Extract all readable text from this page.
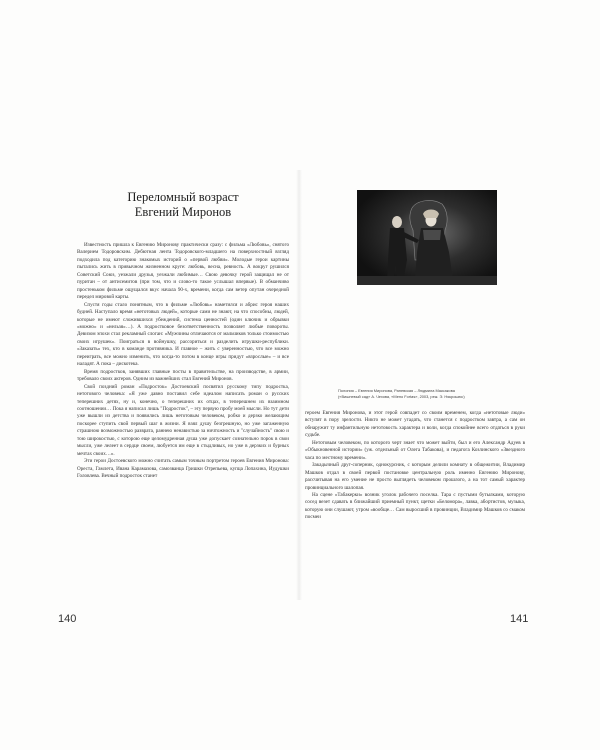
Переломный возраст
Евгений Миронов

Известность пришла к Евгению Миронову практически сразу: с фильма «Любовь», снятого Валерием Тодоровским. Дебютная лента Тодоровского-младшего на поверхностный взгляд подходила под категорию знакомых историй о «первой любви». Молодые герои картины пытались жить в привычном жизненном круге: любовь, весна, ревность. А вокруг рушился Советский Союз, уезжали друзья, уезжали любимые… Свою девочку герой защищал не от пуритан – от антисемитов (при том, что и слово-то такое услышал впервые). В обманчиво простеньком фильме ощущался вкус начала 90-х, времени, когда сам ветер опутан очередной передел мировой карты.

Спустя годы стало понятным, что в фильме «Любовь» наметился и абрис героя наших будней. Наступало время «нетотовых людей», которые сами не знают, на что способны, людей, которые не имеют сложившихся убеждений, система ценностей (один ключик и обрывки «можно» и «нельзя»…). А подростковое безответственность позволяет любые повороты. Девизом эпохи стал рекламный слоган: «Мужчины отличаются от мальчиков только стоимостью своих игрушек». Поиграться в войнушку, рассориться и разделить игрушки-республики. «Заказать» тех, кто в команде противника. И главное – жить с уверенностью, что все можно переиграть, все можно изменить, что когда-то потом в конце игры придут «взрослые» – и все наладят. А пока – дискотека.

Время подростков, занявших главные посты в правительстве, на производстве, в армии, требовало своих актеров. Одним из важнейших стал Евгений Миронов.

Свой поздний роман «Подросток» Достоевский посвятил русскому типу подростка, нетотового человека: «Я уже давно поставил себе идеалом написать роман о русских теперешних детях, ну и, конечно, о теперешних их отцах, в теперешнем их взаимном соотношении… Пока я написал лишь "Подросток", – эту первую пробу моей мысли. Но тут дети уже вышли из детства и появились лишь нетотовым человеком, робко и дерзко желающим поскорее ступить свой первый шаг в жизни. Я взял душу безгрешную, но уже загаженную страшною возможностью разврата, раннею ненавистью за ничтожность и "случайность" свою и тою широкостью, с которою еще целомудренная душа уже допускает сознательно порок в свои мысли, уже лелеет в сердце своем, любуется им еще в стыдливых, но уже в дерзких и бурных мечтах своих…».

Эти герои Достоевского можно считать самым точным портретом героев Евгения Миронова: Ореста, Гамлета, Ивана Карамазова, самозванца Гришки Отрепьева, купца Лопахина, Иудушки Головлева. Вечный подросток станет

140
Полония – Евгения Миронова, Раневская – Людмила Максакова
(«Вишневый сад» А. Чехова, «Мено Fortas», 2003, реж. Э. Някрошюс)

героем Евгения Миронова, и этот герой совпадет со своим временем, когда «нетотовые люди» вступят в пору зрелости. Никто не может угадать, что станется с подростком завтра, а сам он обнаружит ту инфантильную нетотовость характера и воли, когда спокойнее всего отдаться в руки судьбе.

Нетотовым человеком, по которого черт знает что может выйти, был и его Александр Адуев в «Обыкновенной истории» (уж. отдельный от Олега Табакова), и педагога Козлинского «Звездного часа по местному времени».

Закадычный друг-соперник, однокурсник, с которым делили комнату в общежитии, Владимир Машков отдал в своей первой постановке центральную роль именно Евгению Миронову, рассчитывая на его умение не просто выглядеть человеком прошлого, а на тот самый характер провинциального шалопая.

На сцене «Табакерки» возник уголок рабочего поселка. Тара с пустыми бутылками, которую сосед везет сдавать в ближайший приемный пункт, щетки «Беломора», лавка, абортистов, музыка, которую они слушают, утром «вообще… Сам выросший в провинции, Владимир Машков со смаком посмеи

141
